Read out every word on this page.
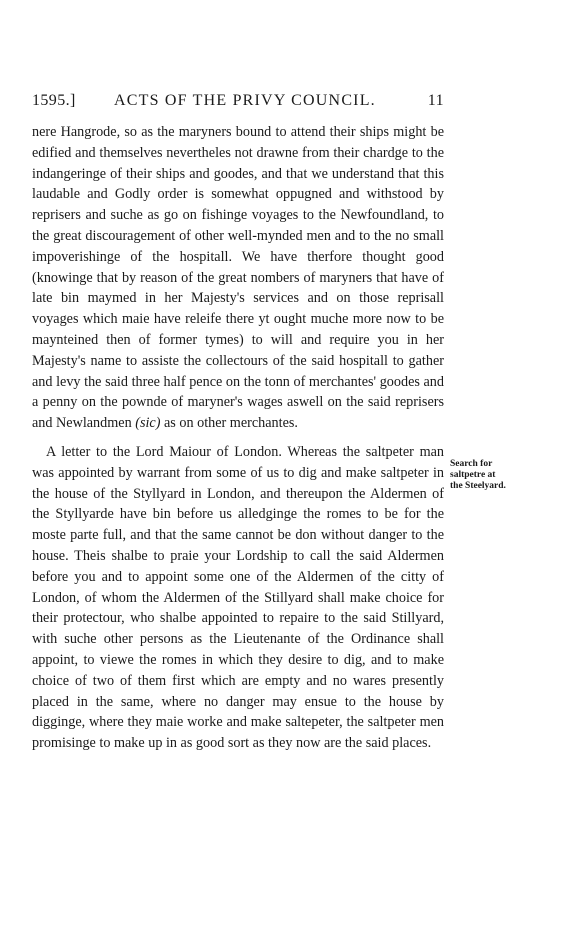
1595.] ACTS OF THE PRIVY COUNCIL.	11

nere Hangrode, so as the maryners bound to attend their ships might be edified and themselves nevertheles not drawne from their chardge to the indangeringe of their ships and goodes, and that we understand that this laudable and Godly order is somewhat oppugned and withstood by reprisers and suche as go on fishinge voyages to the Newfoundland, to the great discouragement of other well-mynded men and to the no small impoverishinge of the hospitall. We have therfore thought good (knowinge that by reason of the great nombers of maryners that have of late bin maymed in her Majesty's services and on those reprisall voyages which maie have releife there yt ought muche more now to be maynteined then of former tymes) to will and require you in her Majesty's name to assiste the collectours of the said hospitall to gather and levy the said three half pence on the tonn of merchantes' goodes and a penny on the pownde of maryner's wages aswell on the said reprisers and Newlandmen (sic) as on other merchantes.

A letter to the Lord Maiour of London. Whereas the saltpeter man was appointed by warrant from some of us to dig and make saltpeter in the house of the Styllyard in London, and thereupon the Aldermen of the Styllyarde have bin before us alledginge the romes to be for the moste parte full, and that the same cannot be don without danger to the house. Theis shalbe to praie your Lordship to call the said Aldermen before you and to appoint some one of the Aldermen of the citty of London, of whom the Aldermen of the Stillyard shall make choice for their protectour, who shalbe appointed to repaire to the said Stillyard, with suche other persons as the Lieutenante of the Ordinance shall appoint, to viewe the romes in which they desire to dig, and to make choice of two of them first which are empty and no wares presently placed in the same, where no danger may ensue to the house by digginge, where they maie worke and make saltepeter, the saltpeter men promisinge to make up in as good sort as they now are the said places.

Search for
saltpetre at
the Steelyard.
